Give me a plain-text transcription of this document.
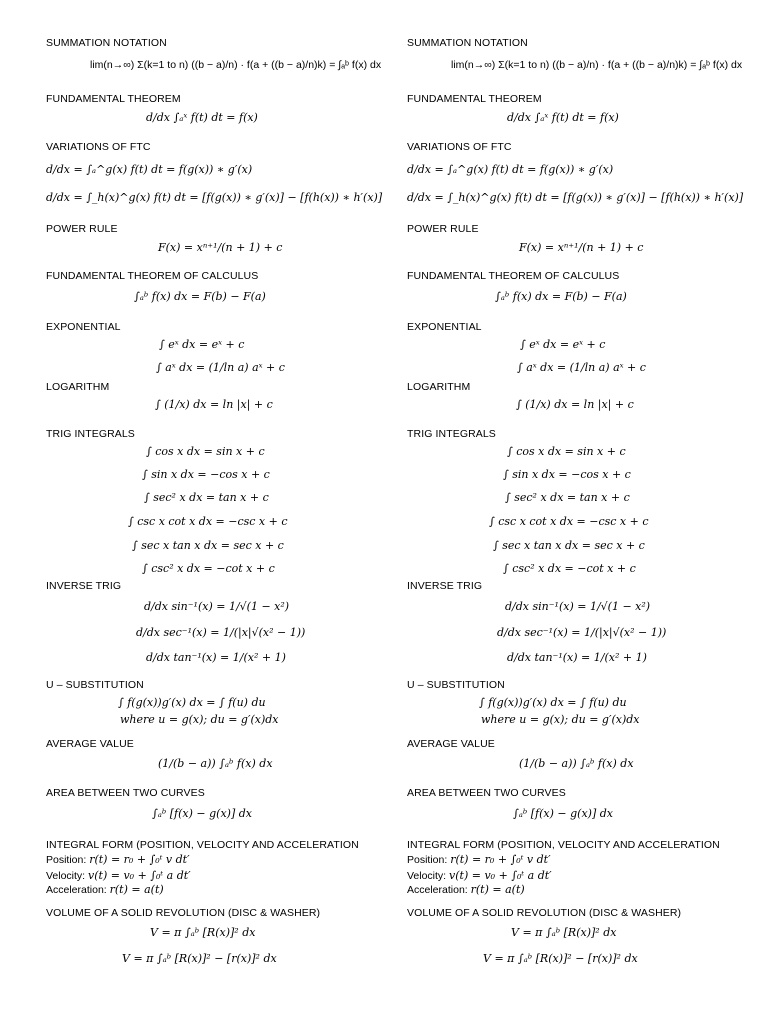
SUMMATION NOTATION
lim(n→∞) Σ(k=1 to n) ((b − a)/n) · f(a + ((b − a)/n)k) = ∫ₐᵇ f(x) dx
FUNDAMENTAL THEOREM
d/dx ∫ₐˣ f(t) dt = f(x)
VARIATIONS OF FTC
d/dx = ∫ₐ^g(x) f(t) dt = f(g(x)) ∗ g′(x)
d/dx = ∫_h(x)^g(x) f(t) dt = [f(g(x)) ∗ g′(x)] − [f(h(x)) ∗ h′(x)]
POWER RULE
F(x) = xⁿ⁺¹/(n + 1) + c
FUNDAMENTAL THEOREM OF CALCULUS
∫ₐᵇ f(x) dx = F(b) − F(a)
EXPONENTIAL
∫ eˣ dx = eˣ + c
∫ aˣ dx = (1/ln a) aˣ + c
LOGARITHM
∫ (1/x) dx = ln |x| + c
TRIG INTEGRALS
∫ cos x dx = sin x + c
∫ sin x dx = −cos x + c
∫ sec² x dx = tan x + c
∫ csc x cot x dx = −csc x + c
∫ sec x tan x dx = sec x + c
∫ csc² x dx = −cot x + c
INVERSE TRIG
d/dx sin⁻¹(x) = 1/√(1 − x²)
d/dx sec⁻¹(x) = 1/(|x|√(x² − 1))
d/dx tan⁻¹(x) = 1/(x² + 1)
U – SUBSTITUTION
∫ f(g(x))g′(x) dx = ∫ f(u) du
where u = g(x); du = g′(x)dx
AVERAGE VALUE
(1/(b − a)) ∫ₐᵇ f(x) dx
AREA BETWEEN TWO CURVES
∫ₐᵇ [f(x) − g(x)] dx
INTEGRAL FORM (POSITION, VELOCITY AND ACCELERATION
Position: r(t) = r₀ + ∫₀ᵗ v dt′
Velocity: v(t) = v₀ + ∫₀ᵗ a dt′
Acceleration: r(t) = a(t)
VOLUME OF A SOLID REVOLUTION (DISC & WASHER)
V = π ∫ₐᵇ [R(x)]² dx
V = π ∫ₐᵇ [R(x)]² − [r(x)]² dx
SUMMATION NOTATION
lim(n→∞) Σ(k=1 to n) ((b − a)/n) · f(a + ((b − a)/n)k) = ∫ₐᵇ f(x) dx
FUNDAMENTAL THEOREM
d/dx ∫ₐˣ f(t) dt = f(x)
VARIATIONS OF FTC
d/dx = ∫ₐ^g(x) f(t) dt = f(g(x)) ∗ g′(x)
d/dx = ∫_h(x)^g(x) f(t) dt = [f(g(x)) ∗ g′(x)] − [f(h(x)) ∗ h′(x)]
POWER RULE
F(x) = xⁿ⁺¹/(n + 1) + c
FUNDAMENTAL THEOREM OF CALCULUS
∫ₐᵇ f(x) dx = F(b) − F(a)
EXPONENTIAL
∫ eˣ dx = eˣ + c
∫ aˣ dx = (1/ln a) aˣ + c
LOGARITHM
∫ (1/x) dx = ln |x| + c
TRIG INTEGRALS
∫ cos x dx = sin x + c
∫ sin x dx = −cos x + c
∫ sec² x dx = tan x + c
∫ csc x cot x dx = −csc x + c
∫ sec x tan x dx = sec x + c
∫ csc² x dx = −cot x + c
INVERSE TRIG
d/dx sin⁻¹(x) = 1/√(1 − x²)
d/dx sec⁻¹(x) = 1/(|x|√(x² − 1))
d/dx tan⁻¹(x) = 1/(x² + 1)
U – SUBSTITUTION
∫ f(g(x))g′(x) dx = ∫ f(u) du
where u = g(x); du = g′(x)dx
AVERAGE VALUE
(1/(b − a)) ∫ₐᵇ f(x) dx
AREA BETWEEN TWO CURVES
∫ₐᵇ [f(x) − g(x)] dx
INTEGRAL FORM (POSITION, VELOCITY AND ACCELERATION
Position: r(t) = r₀ + ∫₀ᵗ v dt′
Velocity: v(t) = v₀ + ∫₀ᵗ a dt′
Acceleration: r(t) = a(t)
VOLUME OF A SOLID REVOLUTION (DISC & WASHER)
V = π ∫ₐᵇ [R(x)]² dx
V = π ∫ₐᵇ [R(x)]² − [r(x)]² dx
